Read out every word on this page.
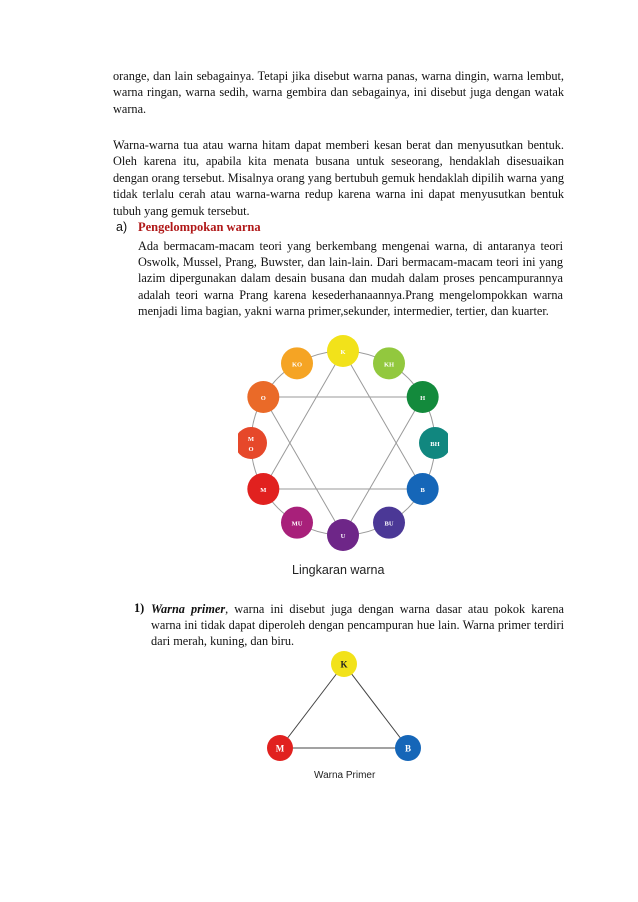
orange, dan lain sebagainya. Tetapi jika disebut warna panas, warna dingin, warna lembut, warna ringan, warna sedih, warna gembira dan sebagainya, ini disebut juga dengan watak warna.

Warna-warna tua atau warna hitam dapat memberi kesan berat dan menyusutkan bentuk. Oleh karena itu, apabila kita menata busana untuk seseorang, hendaklah disesuaikan dengan orang tersebut. Misalnya orang yang bertubuh gemuk hendaklah dipilih warna yang tidak terlalu cerah atau warna-warna redup karena warna ini dapat menyusutkan bentuk tubuh yang gemuk tersebut.

a) Pengelompokan warna

Ada bermacam-macam teori yang berkembang mengenai warna, di antaranya teori Oswolk, Mussel, Prang, Buwster, dan lain-lain. Dari bermacam-macam teori ini yang lazim dipergunakan dalam desain busana dan mudah dalam proses pencampurannya adalah teori warna Prang karena kesederhanaannya.Prang mengelompokkan warna menjadi lima bagian, yakni warna primer,sekunder, intermedier, tertier, dan kuarter.

K
KH
H
BH
B
BU
U
MU
M
M
O
O
KO
Lingkaran warna
1) Warna primer, warna ini disebut juga dengan warna dasar atau pokok karena warna ini tidak dapat diperoleh dengan pencampuran hue lain. Warna primer terdiri dari merah, kuning, dan biru.

K
M	B
Warna Primer
